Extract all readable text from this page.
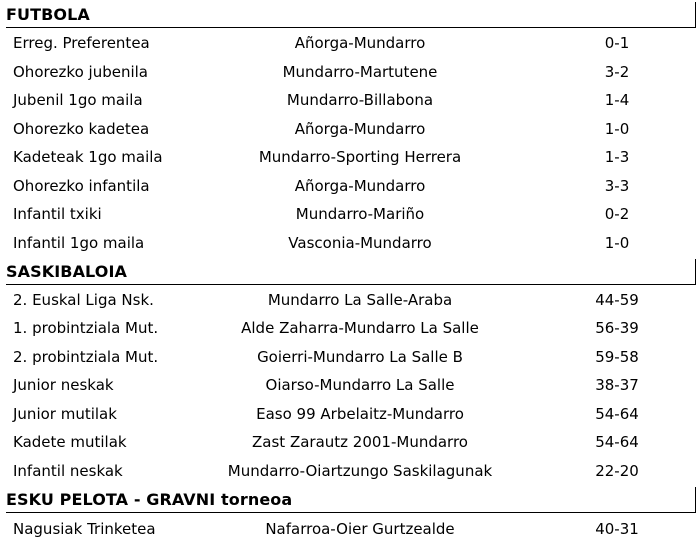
FUTBOLA
Erreg. Preferentea	Añorga-Mundarro	0-1
Ohorezko jubenila	Mundarro-Martutene	3-2
Jubenil 1go maila	Mundarro-Billabona	1-4
Ohorezko kadetea	Añorga-Mundarro	1-0
Kadeteak 1go maila	Mundarro-Sporting Herrera	1-3
Ohorezko infantila	Añorga-Mundarro	3-3
Infantil txiki	Mundarro-Mariño	0-2
Infantil 1go maila	Vasconia-Mundarro	1-0
SASKIBALOIA
2. Euskal Liga Nsk.	Mundarro La Salle-Araba	44-59
1. probintziala Mut.	Alde Zaharra-Mundarro La Salle	56-39
2. probintziala Mut.	Goierri-Mundarro La Salle B	59-58
Junior neskak	Oiarso-Mundarro La Salle	38-37
Junior mutilak	Easo 99 Arbelaitz-Mundarro	54-64
Kadete mutilak	Zast Zarautz 2001-Mundarro	54-64
Infantil neskak	Mundarro-Oiartzungo Saskilagunak	22-20
ESKU PELOTA - GRAVNI torneoa
Nagusiak Trinketea	Nafarroa-Oier Gurtzealde	40-31
